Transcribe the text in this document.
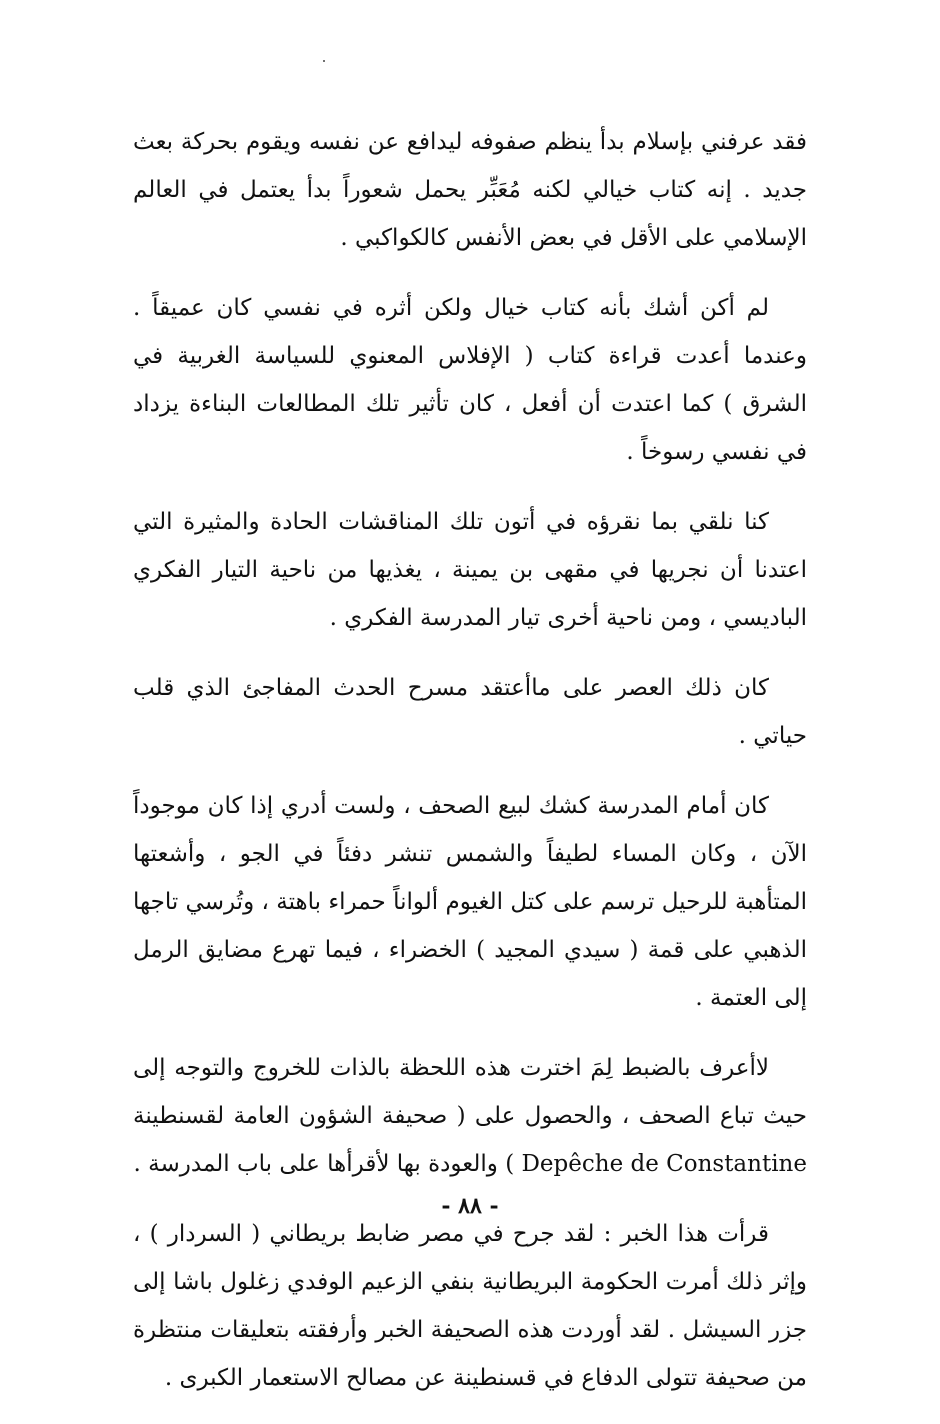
فقد عرفني بإسلام بدأ ينظم صفوفه ليدافع عن نفسه ويقوم بحركة بعث جديد . إنه كتاب خيالي لكنه مُعَبِّر يحمل شعوراً بدأ يعتمل في العالم الإسلامي على الأقل في بعض الأنفس كالكواكبي .

لم أكن أشك بأنه كتاب خيال ولكن أثره في نفسي كان عميقاً . وعندما أعدت قراءة كتاب ( الإفلاس المعنوي للسياسة الغربية في الشرق ) كما اعتدت أن أفعل ، كان تأثير تلك المطالعات البناءة يزداد في نفسي رسوخاً .

كنا نلقي بما نقرؤه في أتون تلك المناقشات الحادة والمثيرة التي اعتدنا أن نجريها في مقهى بن يمينة ، يغذيها من ناحية التيار الفكري الباديسي ، ومن ناحية أخرى تيار المدرسة الفكري .

كان ذلك العصر على ماأعتقد مسرح الحدث المفاجئ الذي قلب حياتي .

كان أمام المدرسة كشك لبيع الصحف ، ولست أدري إذا كان موجوداً الآن ، وكان المساء لطيفاً والشمس تنشر دفئاً في الجو ، وأشعتها المتأهبة للرحيل ترسم على كتل الغيوم ألواناً حمراء باهتة ، وتُرسي تاجها الذهبي على قمة ( سيدي المجيد ) الخضراء ، فيما تهرع مضايق الرمل إلى العتمة .

لاأعرف بالضبط لِمَ اخترت هذه اللحظة بالذات للخروج والتوجه إلى حيث تباع الصحف ، والحصول على ( صحيفة الشؤون العامة لقسنطينة Depêche de Constantine ) والعودة بها لأقرأها على باب المدرسة .

قرأت هذا الخبر : لقد جرح في مصر ضابط بريطاني ( السردار ) ، وإثر ذلك أمرت الحكومة البريطانية بنفي الزعيم الوفدي زغلول باشا إلى جزر السيشل . لقد أوردت هذه الصحيفة الخبر وأرفقته بتعليقات منتظرة من صحيفة تتولى الدفاع في قسنطينة عن مصالح الاستعمار الكبرى .

- ٨٨ -
